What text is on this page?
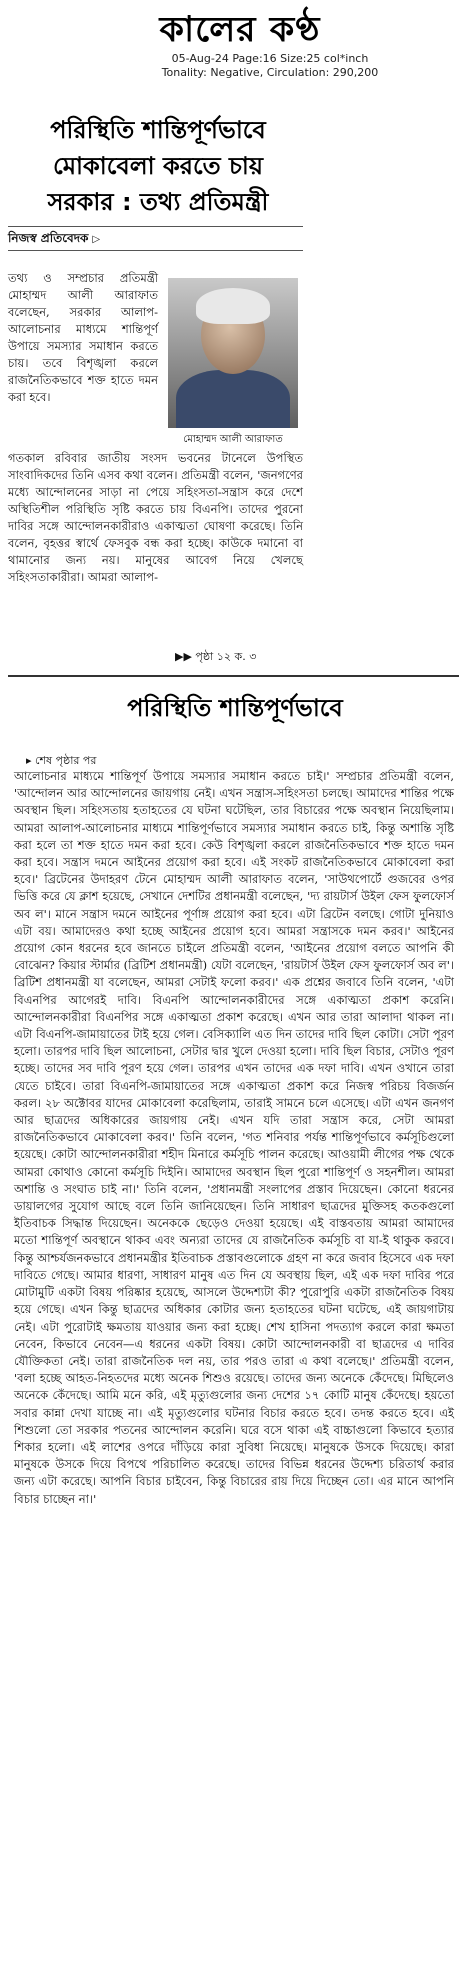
কালের কণ্ঠ
05-Aug-24 Page:16 Size:25 col*inch
Tonality: Negative, Circulation: 290,200

পরিস্থিতি শান্তিপূর্ণভাবে

মোকাবেলা করতে চায়

সরকার : তথ্য প্রতিমন্ত্রী

নিজস্ব প্রতিবেদক ▷
তথ্য ও সম্প্রচার প্রতিমন্ত্রী মোহাম্মদ আলী আরাফাত বলেছেন, সরকার আলাপ-আলোচনার মাধ্যমে শান্তিপূর্ণ উপায়ে সমস্যার সমাধান করতে চায়। তবে বিশৃঙ্খলা করলে রাজনৈতিকভাবে শক্ত হাতে দমন করা হবে।
মোহাম্মদ আলী আরাফাত
গতকাল রবিবার জাতীয় সংসদ ভবনের টানেলে উপস্থিত সাংবাদিকদের তিনি এসব কথা বলেন। প্রতিমন্ত্রী বলেন, 'জনগণের মধ্যে আন্দোলনের সাড়া না পেয়ে সহিংসতা-সন্ত্রাস করে দেশে অস্থিতিশীল পরিস্থিতি সৃষ্টি করতে চায় বিএনপি। তাদের পুরনো দাবির সঙ্গে আন্দোলনকারীরাও একাত্মতা ঘোষণা করেছে। তিনি বলেন, বৃহত্তর স্বার্থে ফেসবুক বন্ধ করা হচ্ছে। কাউকে দমানো বা থামানোর জন্য নয়। মানুষের আবেগ নিয়ে খেলছে সহিংসতাকারীরা। আমরা আলাপ-
▶▶ পৃষ্ঠা ১২ ক. ৩
পরিস্থিতি শান্তিপূর্ণভাবে
▸ শেষ পৃষ্ঠার পর
আলোচনার মাধ্যমে শান্তিপূর্ণ উপায়ে সমস্যার সমাধান করতে চাই।' সম্প্রচার প্রতিমন্ত্রী বলেন, 'আন্দোলন আর আন্দোলনের জায়গায় নেই। এখন সন্ত্রাস-সহিংসতা চলছে। আমাদের শান্তির পক্ষে অবস্থান ছিল। সহিংসতায় হতাহতের যে ঘটনা ঘটেছিল, তার বিচারের পক্ষে অবস্থান নিয়েছিলাম। আমরা আলাপ-আলোচনার মাধ্যমে শান্তিপূর্ণভাবে সমস্যার সমাধান করতে চাই, কিন্তু অশান্তি সৃষ্টি করা হলে তা শক্ত হাতে দমন করা হবে। কেউ বিশৃঙ্খলা করলে রাজনৈতিকভাবে শক্ত হাতে দমন করা হবে। সন্ত্রাস দমনে আইনের প্রয়োগ করা হবে। এই সংকট রাজনৈতিকভাবে মোকাবেলা করা হবে।' ব্রিটেনের উদাহরণ টেনে মোহাম্মদ আলী আরাফাত বলেন, 'সাউথপোর্টে গুজবের ওপর ভিত্তি করে যে ক্লাশ হয়েছে, সেখানে দেশটির প্রধানমন্ত্রী বলেছেন, 'দ্য রায়টার্স উইল ফেস ফুলফোর্স অব ল'। মানে সন্ত্রাস দমনে আইনের পূর্ণাঙ্গ প্রয়োগ করা হবে। এটা ব্রিটেন বলছে। গোটা দুনিয়াও এটা বয়। আমাদেরও কথা হচ্ছে আইনের প্রয়োগ হবে। আমরা সন্ত্রাসকে দমন করব।' আইনের প্রয়োগ কোন ধরনের হবে জানতে চাইলে প্রতিমন্ত্রী বলেন, 'আইনের প্রয়োগ বলতে আপনি কী বোঝেন? কিয়ার স্টার্মার (ব্রিটিশ প্রধানমন্ত্রী) যেটা বলেছেন, 'রায়টার্স উইল ফেস ফুলফোর্স অব ল'। ব্রিটিশ প্রধানমন্ত্রী যা বলেছেন, আমরা সেটাই ফলো করব।' এক প্রশ্নের জবাবে তিনি বলেন, 'এটা বিএনপির আগেরই দাবি। বিএনপি আন্দোলনকারীদের সঙ্গে একাত্মতা প্রকাশ করেনি। আন্দোলনকারীরা বিএনপির সঙ্গে একাত্মতা প্রকাশ করেছে। এখন আর তারা আলাদা থাকল না। এটা বিএনপি-জামায়াতের টাই হয়ে গেল। বেসিক্যালি এত দিন তাদের দাবি ছিল কোটা। সেটা পূরণ হলো। তারপর দাবি ছিল আলোচনা, সেটার দ্বার খুলে দেওয়া হলো। দাবি ছিল বিচার, সেটাও পূরণ হচ্ছে। তাদের সব দাবি পূরণ হয়ে গেল। তারপর এখন তাদের এক দফা দাবি। এখন ওখানে তারা যেতে চাইবে। তারা বিএনপি-জামায়াতের সঙ্গে একাত্মতা প্রকাশ করে নিজস্ব পরিচয় বিজর্জন করল। ২৮ অক্টোবর যাদের মোকাবেলা করেছিলাম, তারাই সামনে চলে এসেছে। এটা এখন জনগণ আর ছাত্রদের অধিকারের জায়গায় নেই। এখন যদি তারা সন্ত্রাস করে, সেটা আমরা রাজনৈতিকভাবে মোকাবেলা করব।' তিনি বলেন, 'গত শনিবার পর্যন্ত শান্তিপূর্ণভাবে কর্মসূচিগুলো হয়েছে। কোটা আন্দোলনকারীরা শহীদ মিনারে কর্মসূচি পালন করেছে। আওয়ামী লীগের পক্ষ থেকে আমরা কোথাও কোনো কর্মসূচি দিইনি। আমাদের অবস্থান ছিল পুরো শান্তিপূর্ণ ও সহনশীল। আমরা অশান্তি ও সংঘাত চাই না।' তিনি বলেন, 'প্রধানমন্ত্রী সংলাপের প্রস্তাব দিয়েছেন। কোনো ধরনের ডায়ালগের সুযোগ আছে বলে তিনি জানিয়েছেন। তিনি সাধারণ ছাত্রদের মুক্তিসহ কতকগুলো ইতিবাচক সিদ্ধান্ত দিয়েছেন। অনেককে ছেড়েও দেওয়া হয়েছে। এই বাস্তবতায় আমরা আমাদের মতো শান্তিপূর্ণ অবস্থানে থাকব এবং অন্যরা তাদের যে রাজনৈতিক কর্মসূচি বা যা-ই থাকুক করবে। কিন্তু আশ্চর্যজনকভাবে প্রধানমন্ত্রীর ইতিবাচক প্রস্তাবগুলোকে গ্রহণ না করে জবাব হিসেবে এক দফা দাবিতে গেছে। আমার ধারণা, সাধারণ মানুষ এত দিন যে অবস্থায় ছিল, এই এক দফা দাবির পরে মোটামুটি একটা বিষয় পরিষ্কার হয়েছে, আসলে উদ্দেশ্যটা কী? পুরোপুরি একটা রাজনৈতিক বিষয় হয়ে গেছে। এখন কিন্তু ছাত্রদের অধিকার কোটার জন্য হতাহতের ঘটনা ঘটেছে, এই জায়গাটায় নেই। এটা পুরোটাই ক্ষমতায় যাওয়ার জন্য করা হচ্ছে। শেখ হাসিনা পদত্যাগ করলে কারা ক্ষমতা নেবেন, কিভাবে নেবেন—এ ধরনের একটা বিষয়। কোটা আন্দোলনকারী বা ছাত্রদের এ দাবির যৌক্তিকতা নেই। তারা রাজনৈতিক দল নয়, তার পরও তারা এ কথা বলেছে।' প্রতিমন্ত্রী বলেন, 'বলা হচ্ছে আহত-নিহতদের মধ্যে অনেক শিশুও রয়েছে। তাদের জন্য অনেকে কেঁদেছে। মিছিলেও অনেকে কেঁদেছে। আমি মনে করি, এই মৃত্যুগুলোর জন্য দেশের ১৭ কোটি মানুষ কেঁদেছে। হয়তো সবার কান্না দেখা যাচ্ছে না। এই মৃত্যুগুলোর ঘটনার বিচার করতে হবে। তদন্ত করতে হবে। এই শিশুলো তো সরকার পতনের আন্দোলন করেনি। ঘরে বসে থাকা এই বাচ্চাগুলো কিভাবে হত্যার শিকার হলো। এই লাশের ওপরে দাঁড়িয়ে কারা সুবিধা নিয়েছে। মানুষকে উসকে দিয়েছে। কারা মানুষকে উসকে দিয়ে বিপথে পরিচালিত করেছে। তাদের বিভিন্ন ধরনের উদ্দেশ্য চরিতার্থ করার জন্য এটা করেছে। আপনি বিচার চাইবেন, কিন্তু বিচারের রায় দিয়ে দিচ্ছেন তো। এর মানে আপনি বিচার চাচ্ছেন না।'
